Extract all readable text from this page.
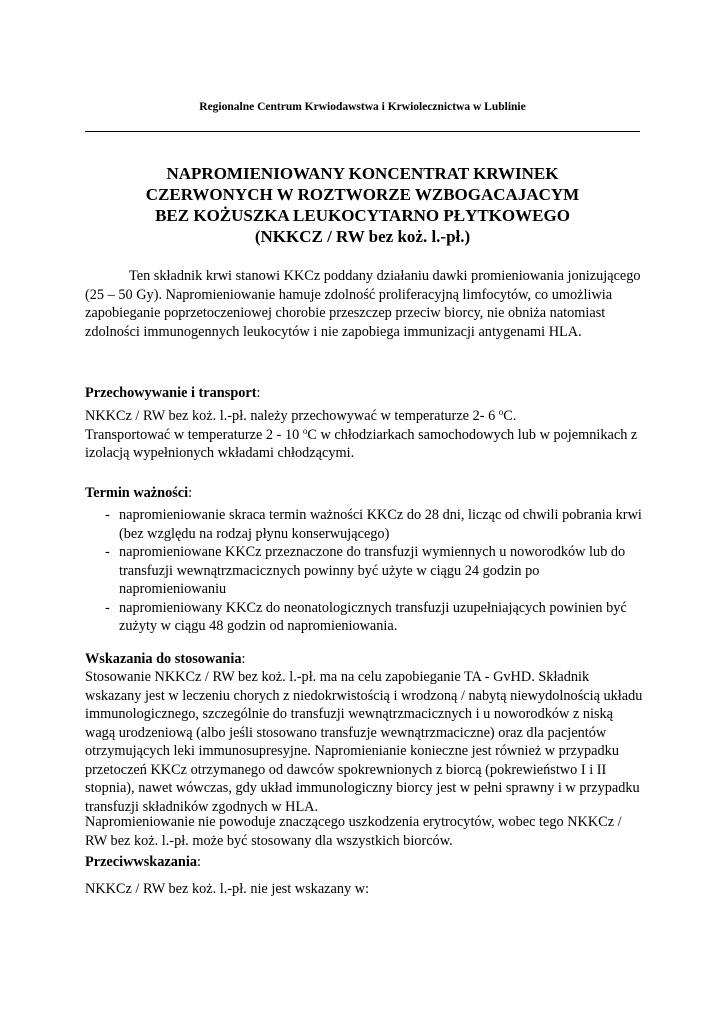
Regionalne Centrum Krwiodawstwa i Krwiolecznictwa w Lublinie
NAPROMIENIOWANY KONCENTRAT KRWINEK
CZERWONYCH W ROZTWORZE WZBOGACAJACYM
BEZ KOŻUSZKA LEUKOCYTARNO PŁYTKOWEGO
(NKKCZ / RW bez koż. l.-pł.)
Ten składnik krwi stanowi KKCz poddany działaniu dawki promieniowania jonizującego (25 – 50 Gy). Napromieniowanie hamuje zdolność proliferacyjną limfocytów, co umożliwia zapobieganie poprzetoczeniowej chorobie przeszczep przeciw biorcy, nie obniża natomiast zdolności immunogennych leukocytów i nie zapobiega immunizacji antygenami HLA.
Przechowywanie i transport:
NKKCz / RW bez koż. l.-pł. należy przechowywać w temperaturze 2- 6 $^o$C.
Transportować w temperaturze 2 - 10 $^o$C w chłodziarkach samochodowych lub w pojemnikach z izolacją wypełnionych wkładami chłodzącymi.
Termin ważności:
- napromieniowanie skraca termin ważności KKCz do 28 dni, licząc od chwili pobrania krwi (bez względu na rodzaj płynu konserwującego)
- napromieniowane KKCz przeznaczone do transfuzji wymiennych u noworodków lub do transfuzji wewnątrzmacicznych powinny być użyte w ciągu 24 godzin po napromieniowaniu
- napromieniowany KKCz do neonatologicznych transfuzji uzupełniających powinien być zużyty w ciągu 48 godzin od napromieniowania.
Wskazania do stosowania:
Stosowanie NKKCz / RW bez koż. l.-pł. ma na celu zapobieganie TA - GvHD. Składnik wskazany jest w leczeniu chorych z niedokrwistością i wrodzoną / nabytą niewydolnością układu immunologicznego, szczególnie do transfuzji wewnątrzmacicznych i u noworodków z niską wagą urodzeniową (albo jeśli stosowano transfuzje wewnątrzmaciczne) oraz dla pacjentów otrzymujących leki immunosupresyjne. Napromienianie konieczne jest również w przypadku przetoczeń KKCz otrzymanego od dawców spokrewnionych z biorcą (pokrewieństwo I i II stopnia), nawet wówczas, gdy układ immunologiczny biorcy jest w pełni sprawny i w przypadku transfuzji składników zgodnych w HLA.
Napromieniowanie nie powoduje znaczącego uszkodzenia erytrocytów, wobec tego NKKCz / RW bez koż. l.-pł. może być stosowany dla wszystkich biorców.
Przeciwwskazania:
NKKCz / RW bez koż. l.-pł. nie jest wskazany w:
